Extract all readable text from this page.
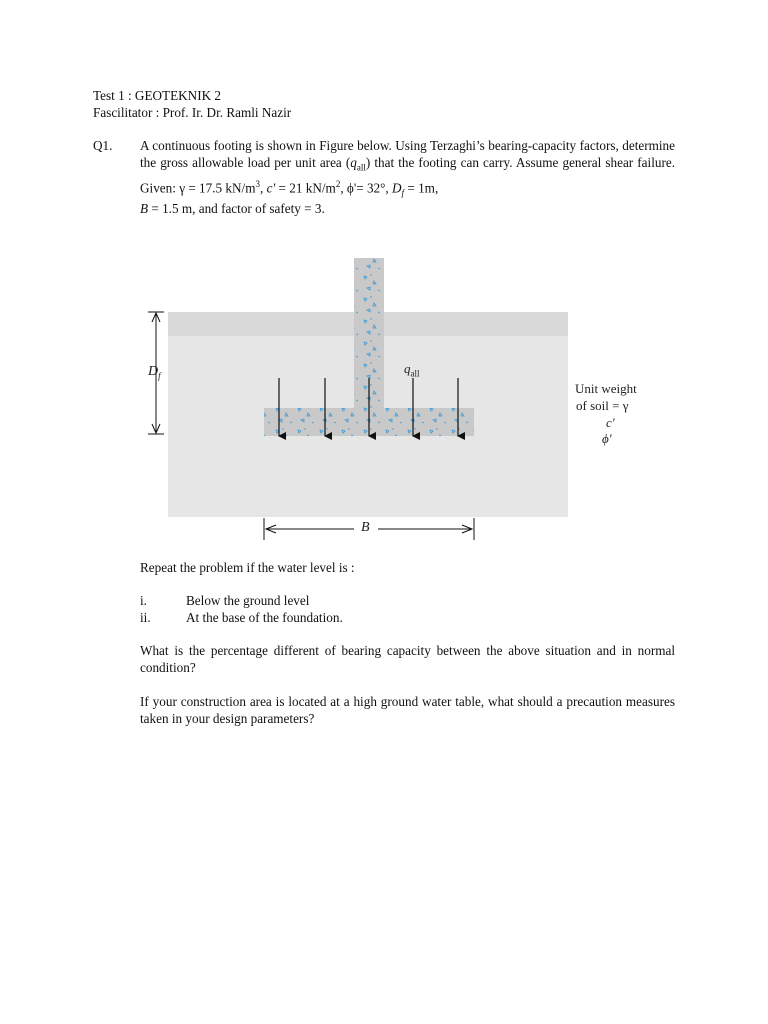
Test 1 : GEOTEKNIK 2
Fascilitator : Prof. Ir. Dr. Ramli Nazir
Q1. A continuous footing is shown in Figure below. Using Terzaghi’s bearing-capacity factors, determine the gross allowable load per unit area $(q_{all})$ that the footing can carry. Assume general shear failure. Given: γ = 17.5 $kN/m^3$, c' = 21 $kN/m^2$, ϕ'= 32°, $D_f = 1m$,
B = 1.5 m, and factor of safety = 3.
$D_f$	$q_{all}$
B
Unit weight
of soil = γ
c'
ϕ'
Repeat the problem if the water level is :
i.	Below the ground level
ii.	At the base of the foundation.
What is the percentage different of bearing capacity between the above situation and in normal condition?
If your construction area is located at a high ground water table, what should a precaution measures taken in your design parameters?
